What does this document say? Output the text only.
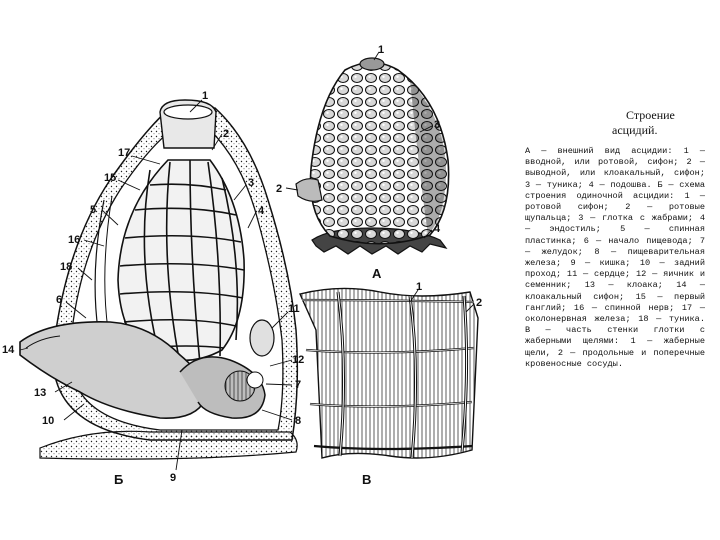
1
2
3
4
5
6
7
8
9
10
11
12
13
14
15
16
17
18
Б
1
3
2
4
А
1
2
В
Строение
асцидий.
А — внешний вид асцидии: 1 — вводной, или ротовой, сифон; 2 — выводной, или клоакальный, сифон; 3 — туника; 4 — подошва. Б — схема строения одиночной асцидии: 1 — ротовой сифон; 2 — ротовые щупальца; 3 — глотка с жабрами; 4 — эндостиль; 5 — спинная пластинка; 6 — начало пищевода; 7 — желудок; 8 — пищеварительная железа; 9 — кишка; 10 — задний проход; 11 — сердце; 12 — яичник и семенник; 13 — клоака; 14 — клоакальный сифон; 15 — первый ганглий; 16 — спинной нерв; 17 — околонервная железа; 18 — туника. В — часть стенки глотки с жаберными щелями: 1 — жаберные щели, 2 — продольные и поперечные кровеносные сосуды.
